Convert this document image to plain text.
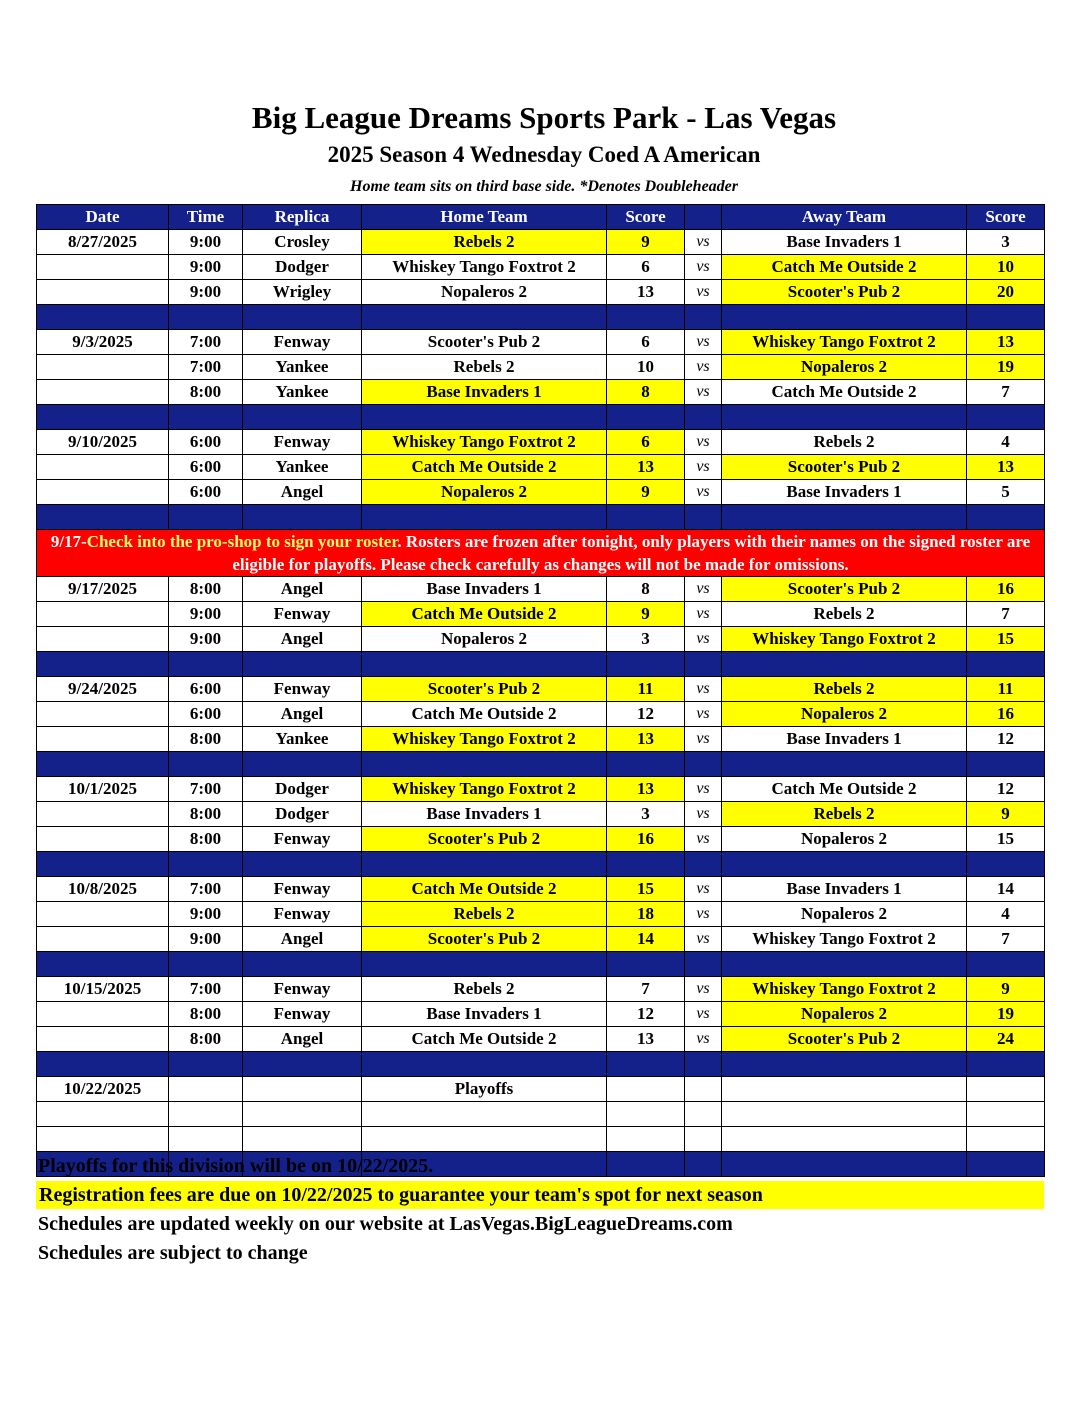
Big League Dreams Sports Park - Las Vegas
2025 Season 4 Wednesday Coed A American
Home team sits on third base side. *Denotes Doubleheader
Date	Time	Replica	Home Team	Score		Away Team	Score
8/27/2025	9:00	Crosley	Rebels 2	9	vs	Base Invaders 1	3
	9:00	Dodger	Whiskey Tango Foxtrot 2	6	vs	Catch Me Outside 2	10
	9:00	Wrigley	Nopaleros 2	13	vs	Scooter's Pub 2	20

9/3/2025	7:00	Fenway	Scooter's Pub 2	6	vs	Whiskey Tango Foxtrot 2	13
	7:00	Yankee	Rebels 2	10	vs	Nopaleros 2	19
	8:00	Yankee	Base Invaders 1	8	vs	Catch Me Outside 2	7

9/10/2025	6:00	Fenway	Whiskey Tango Foxtrot 2	6	vs	Rebels 2	4
	6:00	Yankee	Catch Me Outside 2	13	vs	Scooter's Pub 2	13
	6:00	Angel	Nopaleros 2	9	vs	Base Invaders 1	5

9/17-Check into the pro-shop to sign your roster. Rosters are frozen after tonight, only players with their names on the signed roster are eligible for playoffs. Please check carefully as changes will not be made for omissions.							
9/17/2025	8:00	Angel	Base Invaders 1	8	vs	Scooter's Pub 2	16
	9:00	Fenway	Catch Me Outside 2	9	vs	Rebels 2	7
	9:00	Angel	Nopaleros 2	3	vs	Whiskey Tango Foxtrot 2	15

9/24/2025	6:00	Fenway	Scooter's Pub 2	11	vs	Rebels 2	11
	6:00	Angel	Catch Me Outside 2	12	vs	Nopaleros 2	16
	8:00	Yankee	Whiskey Tango Foxtrot 2	13	vs	Base Invaders 1	12

10/1/2025	7:00	Dodger	Whiskey Tango Foxtrot 2	13	vs	Catch Me Outside 2	12
	8:00	Dodger	Base Invaders 1	3	vs	Rebels 2	9
	8:00	Fenway	Scooter's Pub 2	16	vs	Nopaleros 2	15

10/8/2025	7:00	Fenway	Catch Me Outside 2	15	vs	Base Invaders 1	14
	9:00	Fenway	Rebels 2	18	vs	Nopaleros 2	4
	9:00	Angel	Scooter's Pub 2	14	vs	Whiskey Tango Foxtrot 2	7

10/15/2025	7:00	Fenway	Rebels 2	7	vs	Whiskey Tango Foxtrot 2	9
	8:00	Fenway	Base Invaders 1	12	vs	Nopaleros 2	19
	8:00	Angel	Catch Me Outside 2	13	vs	Scooter's Pub 2	24

10/22/2025			Playoffs				

Playoffs for this division will be on 10/22/2025.
Registration fees are due on 10/22/2025 to guarantee your team's spot for next season
Schedules are updated weekly on our website at LasVegas.BigLeagueDreams.com
Schedules are subject to change
